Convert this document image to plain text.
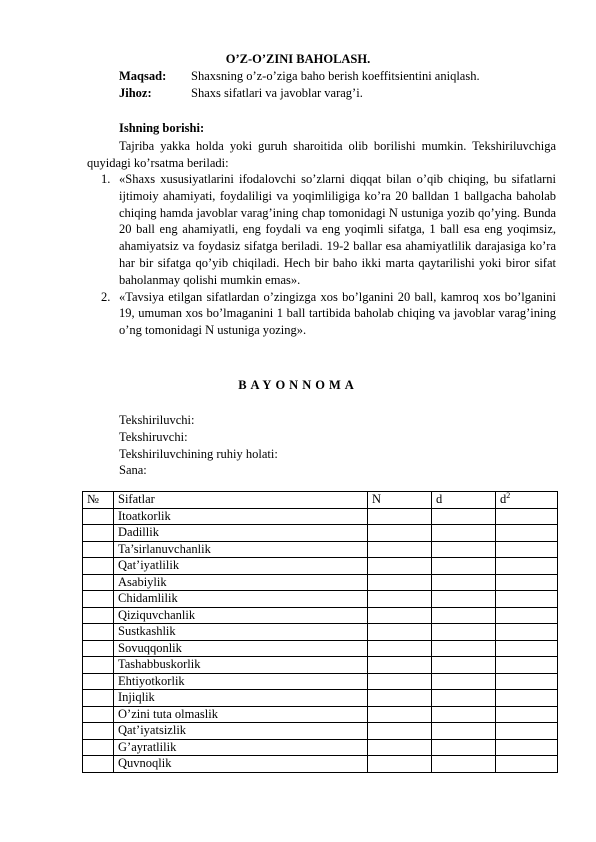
O’Z-O’ZINI BAHOLASH.
Maqsad: Shaxsning o’z-o’ziga baho berish koeffitsientini aniqlash.
Jihoz:	Shaxs sifatlari va javoblar varag’i.
Ishning borishi:
Tajriba yakka holda yoki guruh sharoitida olib borilishi mumkin. Tekshiriluvchiga quyidagi ko’rsatma beriladi:
1. «Shaxs xususiyatlarini ifodalovchi so’zlarni diqqat bilan o’qib chiqing, bu sifatlarni ijtimoiy ahamiyati, foydaliligi va yoqimliligiga ko’ra 20 balldan 1 ballgacha baholab chiqing hamda javoblar varag’ining chap tomonidagi N ustuniga yozib qo’ying. Bunda 20 ball eng ahamiyatli, eng foydali va eng yoqimli sifatga, 1 ball esa eng yoqimsiz, ahamiyatsiz va foydasiz sifatga beriladi. 19-2 ballar esa ahamiyatlilik darajasiga ko’ra har bir sifatga qo’yib chiqiladi. Hech bir baho ikki marta qaytarilishi yoki biror sifat baholanmay qolishi mumkin emas».
2. «Tavsiya etilgan sifatlardan o’zingizga xos bo’lganini 20 ball, kamroq xos bo’lganini 19, umuman xos bo’lmaganini 1 ball tartibida baholab chiqing va javoblar varag’ining o’ng tomonidagi N ustuniga yozing».
BAYONNOMA
Tekshiriluvchi:
Tekshiruvchi:
Tekshiriluvchining ruhiy holati:
Sana:
№	Sifatlar	N	d	$d^2$
	Itoatkorlik			
	Dadillik			
	Ta’sirlanuvchanlik			
	Qat’iyatlilik			
	Asabiylik			
	Chidamlilik			
	Qiziquvchanlik			
	Sustkashlik			
	Sovuqqonlik			
	Tashabbuskorlik			
	Ehtiyotkorlik			
	Injiqlik			
	O’zini tuta olmaslik			
	Qat’iyatsizlik			
	G’ayratlilik			
	Quvnoqlik			
